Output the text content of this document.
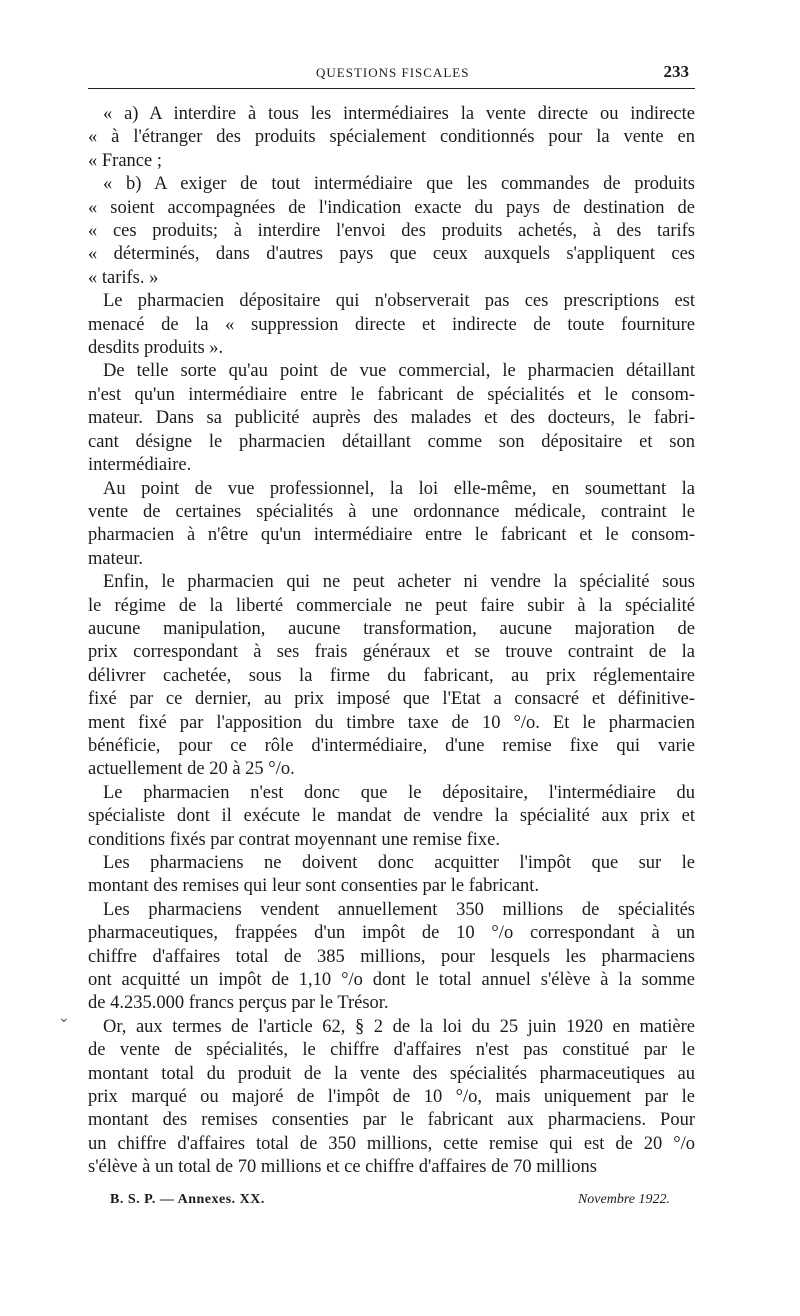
QUESTIONS FISCALES	233

« a) A interdire à tous les intermédiaires la vente directe ou indirecte
« à l'étranger des produits spécialement conditionnés pour la vente en
« France ;

« b) A exiger de tout intermédiaire que les commandes de produits
« soient accompagnées de l'indication exacte du pays de destination de
« ces produits; à interdire l'envoi des produits achetés, à des tarifs
« déterminés, dans d'autres pays que ceux auxquels s'appliquent ces
« tarifs. »

Le pharmacien dépositaire qui n'observerait pas ces prescriptions est
menacé de la « suppression directe et indirecte de toute fourniture
desdits produits ».

De telle sorte qu'au point de vue commercial, le pharmacien détaillant
n'est qu'un intermédiaire entre le fabricant de spécialités et le consom-
mateur. Dans sa publicité auprès des malades et des docteurs, le fabri-
cant désigne le pharmacien détaillant comme son dépositaire et son
intermédiaire.

Au point de vue professionnel, la loi elle-même, en soumettant la
vente de certaines spécialités à une ordonnance médicale, contraint le
pharmacien à n'être qu'un intermédiaire entre le fabricant et le consom-
mateur.

Enfin, le pharmacien qui ne peut acheter ni vendre la spécialité sous
le régime de la liberté commerciale ne peut faire subir à la spécialité
aucune manipulation, aucune transformation, aucune majoration de
prix correspondant à ses frais généraux et se trouve contraint de la
délivrer cachetée, sous la firme du fabricant, au prix réglementaire
fixé par ce dernier, au prix imposé que l'Etat a consacré et définitive-
ment fixé par l'apposition du timbre taxe de 10 °/o. Et le pharmacien
bénéficie, pour ce rôle d'intermédiaire, d'une remise fixe qui varie
actuellement de 20 à 25 °/o.

Le pharmacien n'est donc que le dépositaire, l'intermédiaire du
spécialiste dont il exécute le mandat de vendre la spécialité aux prix et
conditions fixés par contrat moyennant une remise fixe.

Les pharmaciens ne doivent donc acquitter l'impôt que sur le
montant des remises qui leur sont consenties par le fabricant.

Les pharmaciens vendent annuellement 350 millions de spécialités
pharmaceutiques, frappées d'un impôt de 10 °/o correspondant à un
chiffre d'affaires total de 385 millions, pour lesquels les pharmaciens
ont acquitté un impôt de 1,10 °/o dont le total annuel s'élève à la somme
de 4.235.000 francs perçus par le Trésor.

Or, aux termes de l'article 62, § 2 de la loi du 25 juin 1920 en matière
de vente de spécialités, le chiffre d'affaires n'est pas constitué par le
montant total du produit de la vente des spécialités pharmaceutiques au
prix marqué ou majoré de l'impôt de 10 °/o, mais uniquement par le
montant des remises consenties par le fabricant aux pharmaciens. Pour
un chiffre d'affaires total de 350 millions, cette remise qui est de 20 °/o
s'élève à un total de 70 millions et ce chiffre d'affaires de 70 millions

B. S. P. — Annexes. XX.	Novembre 1922.
⌄
